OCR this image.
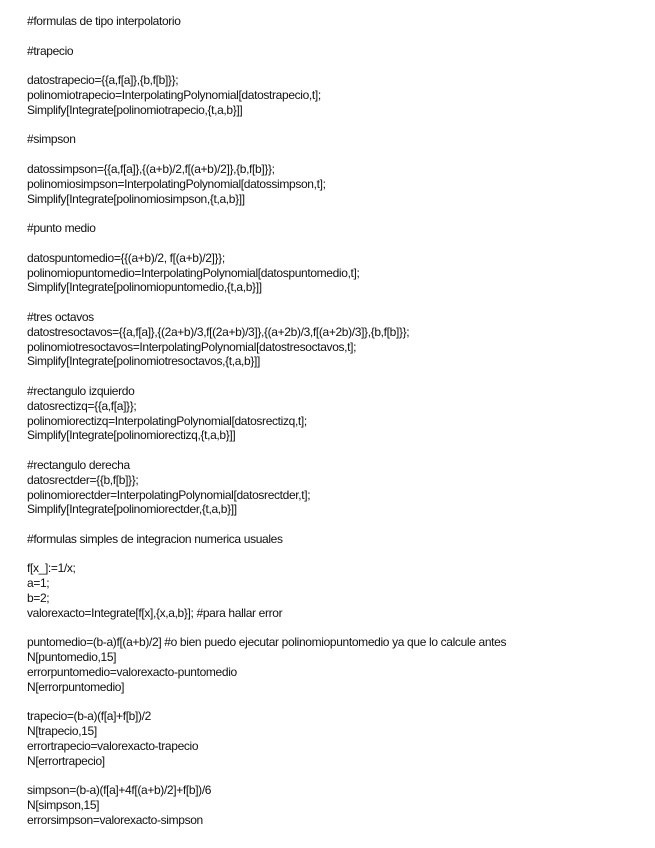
#formulas de tipo interpolatorio
#trapecio
datostrapecio={{a,f[a]},{b,f[b]}};
polinomiotrapecio=InterpolatingPolynomial[datostrapecio,t];
Simplify[Integrate[polinomiotrapecio,{t,a,b}]]
#simpson
datossimpson={{a,f[a]},{(a+b)/2,f[(a+b)/2]},{b,f[b]}};
polinomiosimpson=InterpolatingPolynomial[datossimpson,t];
Simplify[Integrate[polinomiosimpson,{t,a,b}]]
#punto medio
datospuntomedio={{(a+b)/2, f[(a+b)/2]}};
polinomiopuntomedio=InterpolatingPolynomial[datospuntomedio,t];
Simplify[Integrate[polinomiopuntomedio,{t,a,b}]]
#tres octavos
datostresoctavos={{a,f[a]},{(2a+b)/3,f[(2a+b)/3]},{(a+2b)/3,f[(a+2b)/3]},{b,f[b]}};
polinomiotresoctavos=InterpolatingPolynomial[datostresoctavos,t];
Simplify[Integrate[polinomiotresoctavos,{t,a,b}]]
#rectangulo izquierdo
datosrectizq={{a,f[a]}};
polinomiorectizq=InterpolatingPolynomial[datosrectizq,t];
Simplify[Integrate[polinomiorectizq,{t,a,b}]]
#rectangulo derecha
datosrectder={{b,f[b]}};
polinomiorectder=InterpolatingPolynomial[datosrectder,t];
Simplify[Integrate[polinomiorectder,{t,a,b}]]
#formulas simples de integracion numerica usuales
f[x_]:=1/x;
a=1;
b=2;
valorexacto=Integrate[f[x],{x,a,b}]; #para hallar error
puntomedio=(b-a)f[(a+b)/2] #o bien puedo ejecutar polinomiopuntomedio ya que lo calcule antes
N[puntomedio,15]
errorpuntomedio=valorexacto-puntomedio
N[errorpuntomedio]
trapecio=(b-a)(f[a]+f[b])/2
N[trapecio,15]
errortrapecio=valorexacto-trapecio
N[errortrapecio]
simpson=(b-a)(f[a]+4f[(a+b)/2]+f[b])/6
N[simpson,15]
errorsimpson=valorexacto-simpson
